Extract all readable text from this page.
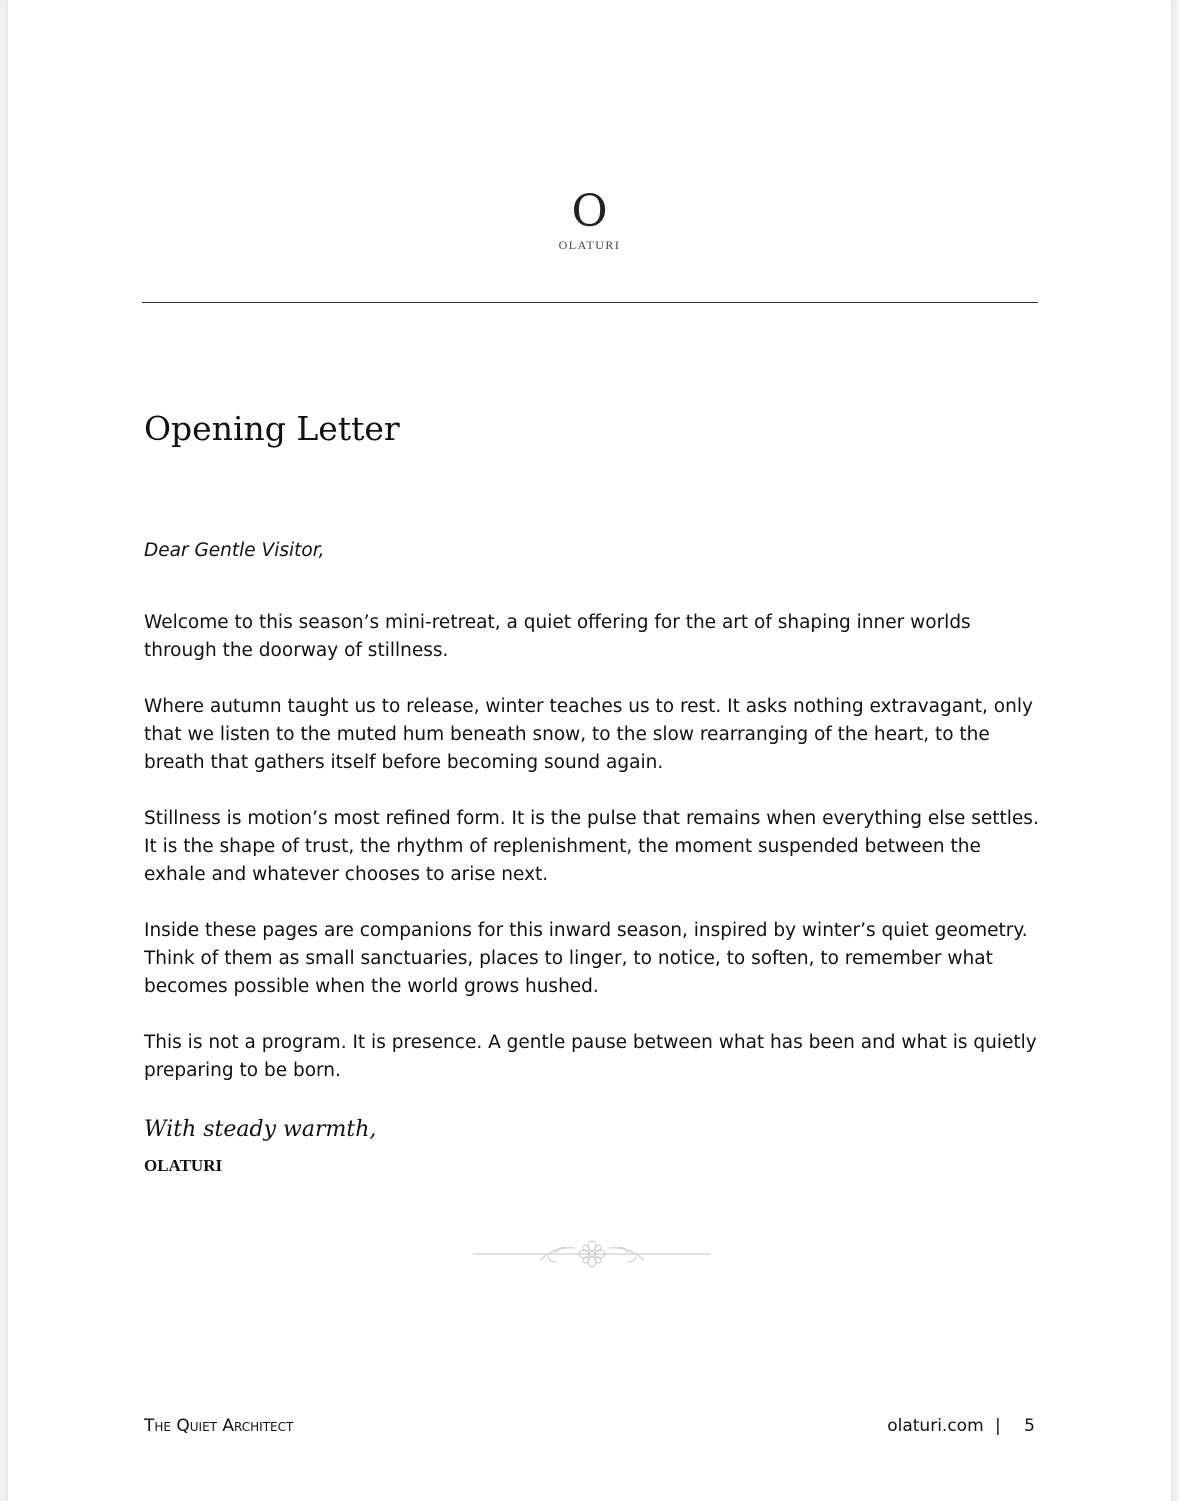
O
OLATURI
Opening Letter

Dear Gentle Visitor,

Welcome to this season’s mini-retreat, a quiet offering for the art of shaping inner worlds
through the doorway of stillness.

Where autumn taught us to release, winter teaches us to rest. It asks nothing extravagant, only
that we listen to the muted hum beneath snow, to the slow rearranging of the heart, to the
breath that gathers itself before becoming sound again.

Stillness is motion’s most refined form. It is the pulse that remains when everything else settles.
It is the shape of trust, the rhythm of replenishment, the moment suspended between the
exhale and whatever chooses to arise next.

Inside these pages are companions for this inward season, inspired by winter’s quiet geometry.
Think of them as small sanctuaries, places to linger, to notice, to soften, to remember what
becomes possible when the world grows hushed.

This is not a program. It is presence. A gentle pause between what has been and what is quietly
preparing to be born.

With steady warmth,

OLATURI

The Quiet Architect	olaturi.com | 5
